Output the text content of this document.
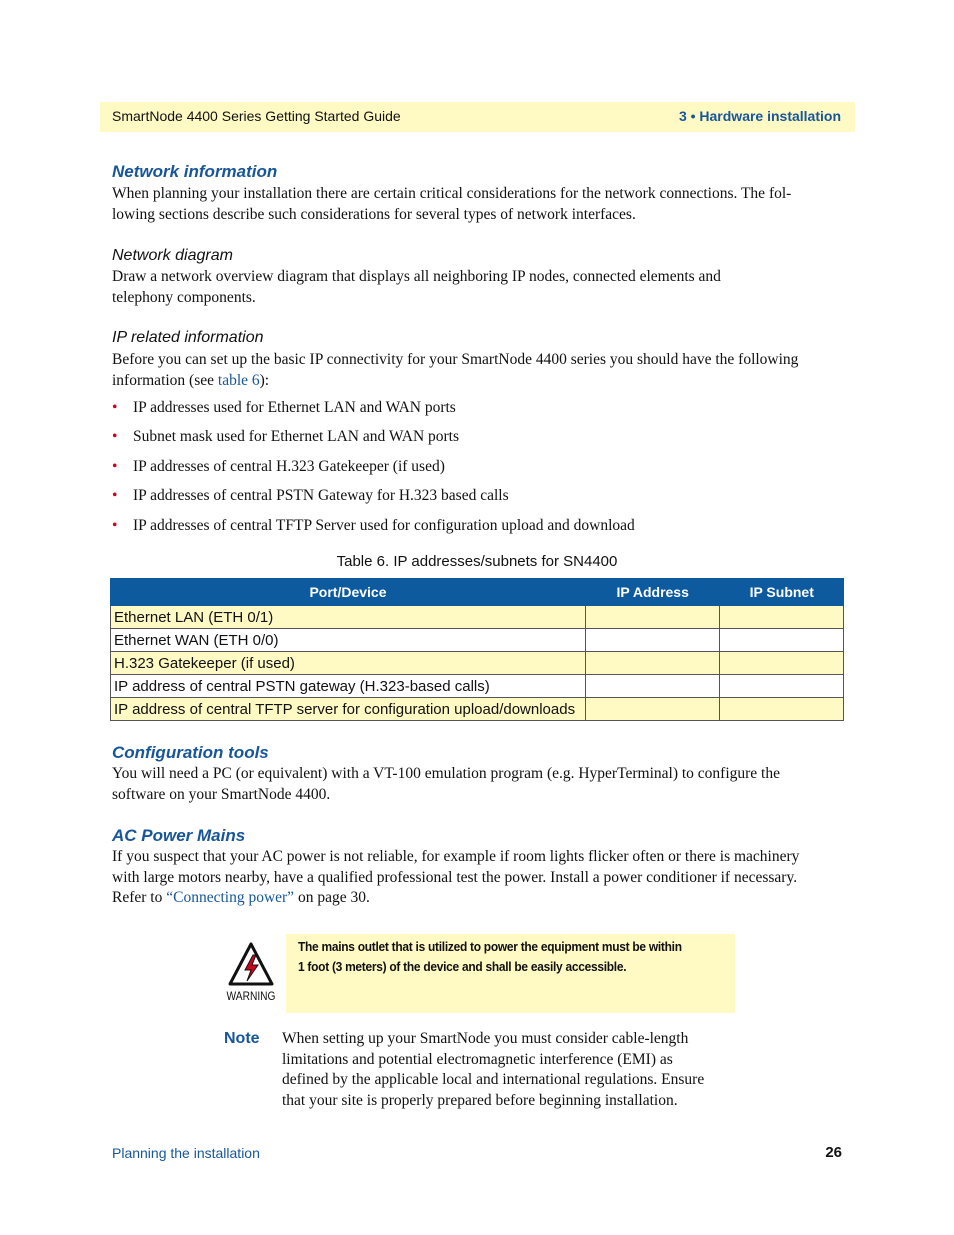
SmartNode 4400 Series Getting Started Guide	3 • Hardware installation
Network information
When planning your installation there are certain critical considerations for the network connections. The fol-
lowing sections describe such considerations for several types of network interfaces.
Network diagram
Draw a network overview diagram that displays all neighboring IP nodes, connected elements and
telephony components.
IP related information
Before you can set up the basic IP connectivity for your SmartNode 4400 series you should have the following
information (see table 6):
• IP addresses used for Ethernet LAN and WAN ports
• Subnet mask used for Ethernet LAN and WAN ports
• IP addresses of central H.323 Gatekeeper (if used)
• IP addresses of central PSTN Gateway for H.323 based calls
• IP addresses of central TFTP Server used for configuration upload and download
Table 6. IP addresses/subnets for SN4400
Port/Device	IP Address	IP Subnet
Ethernet LAN (ETH 0/1)		
Ethernet WAN (ETH 0/0)		
H.323 Gatekeeper (if used)		
IP address of central PSTN gateway (H.323-based calls)		
IP address of central TFTP server for configuration upload/downloads		
Configuration tools
You will need a PC (or equivalent) with a VT-100 emulation program (e.g. HyperTerminal) to configure the
software on your SmartNode 4400.
AC Power Mains
If you suspect that your AC power is not reliable, for example if room lights flicker often or there is machinery
with large motors nearby, have a qualified professional test the power. Install a power conditioner if necessary.
Refer to “Connecting power” on page 30.
WARNING
The mains outlet that is utilized to power the equipment must be within
1 foot (3 meters) of the device and shall be easily accessible.
Note When setting up your SmartNode you must consider cable-length
limitations and potential electromagnetic interference (EMI) as
defined by the applicable local and international regulations. Ensure
that your site is properly prepared before beginning installation.
Planning the installation	26
